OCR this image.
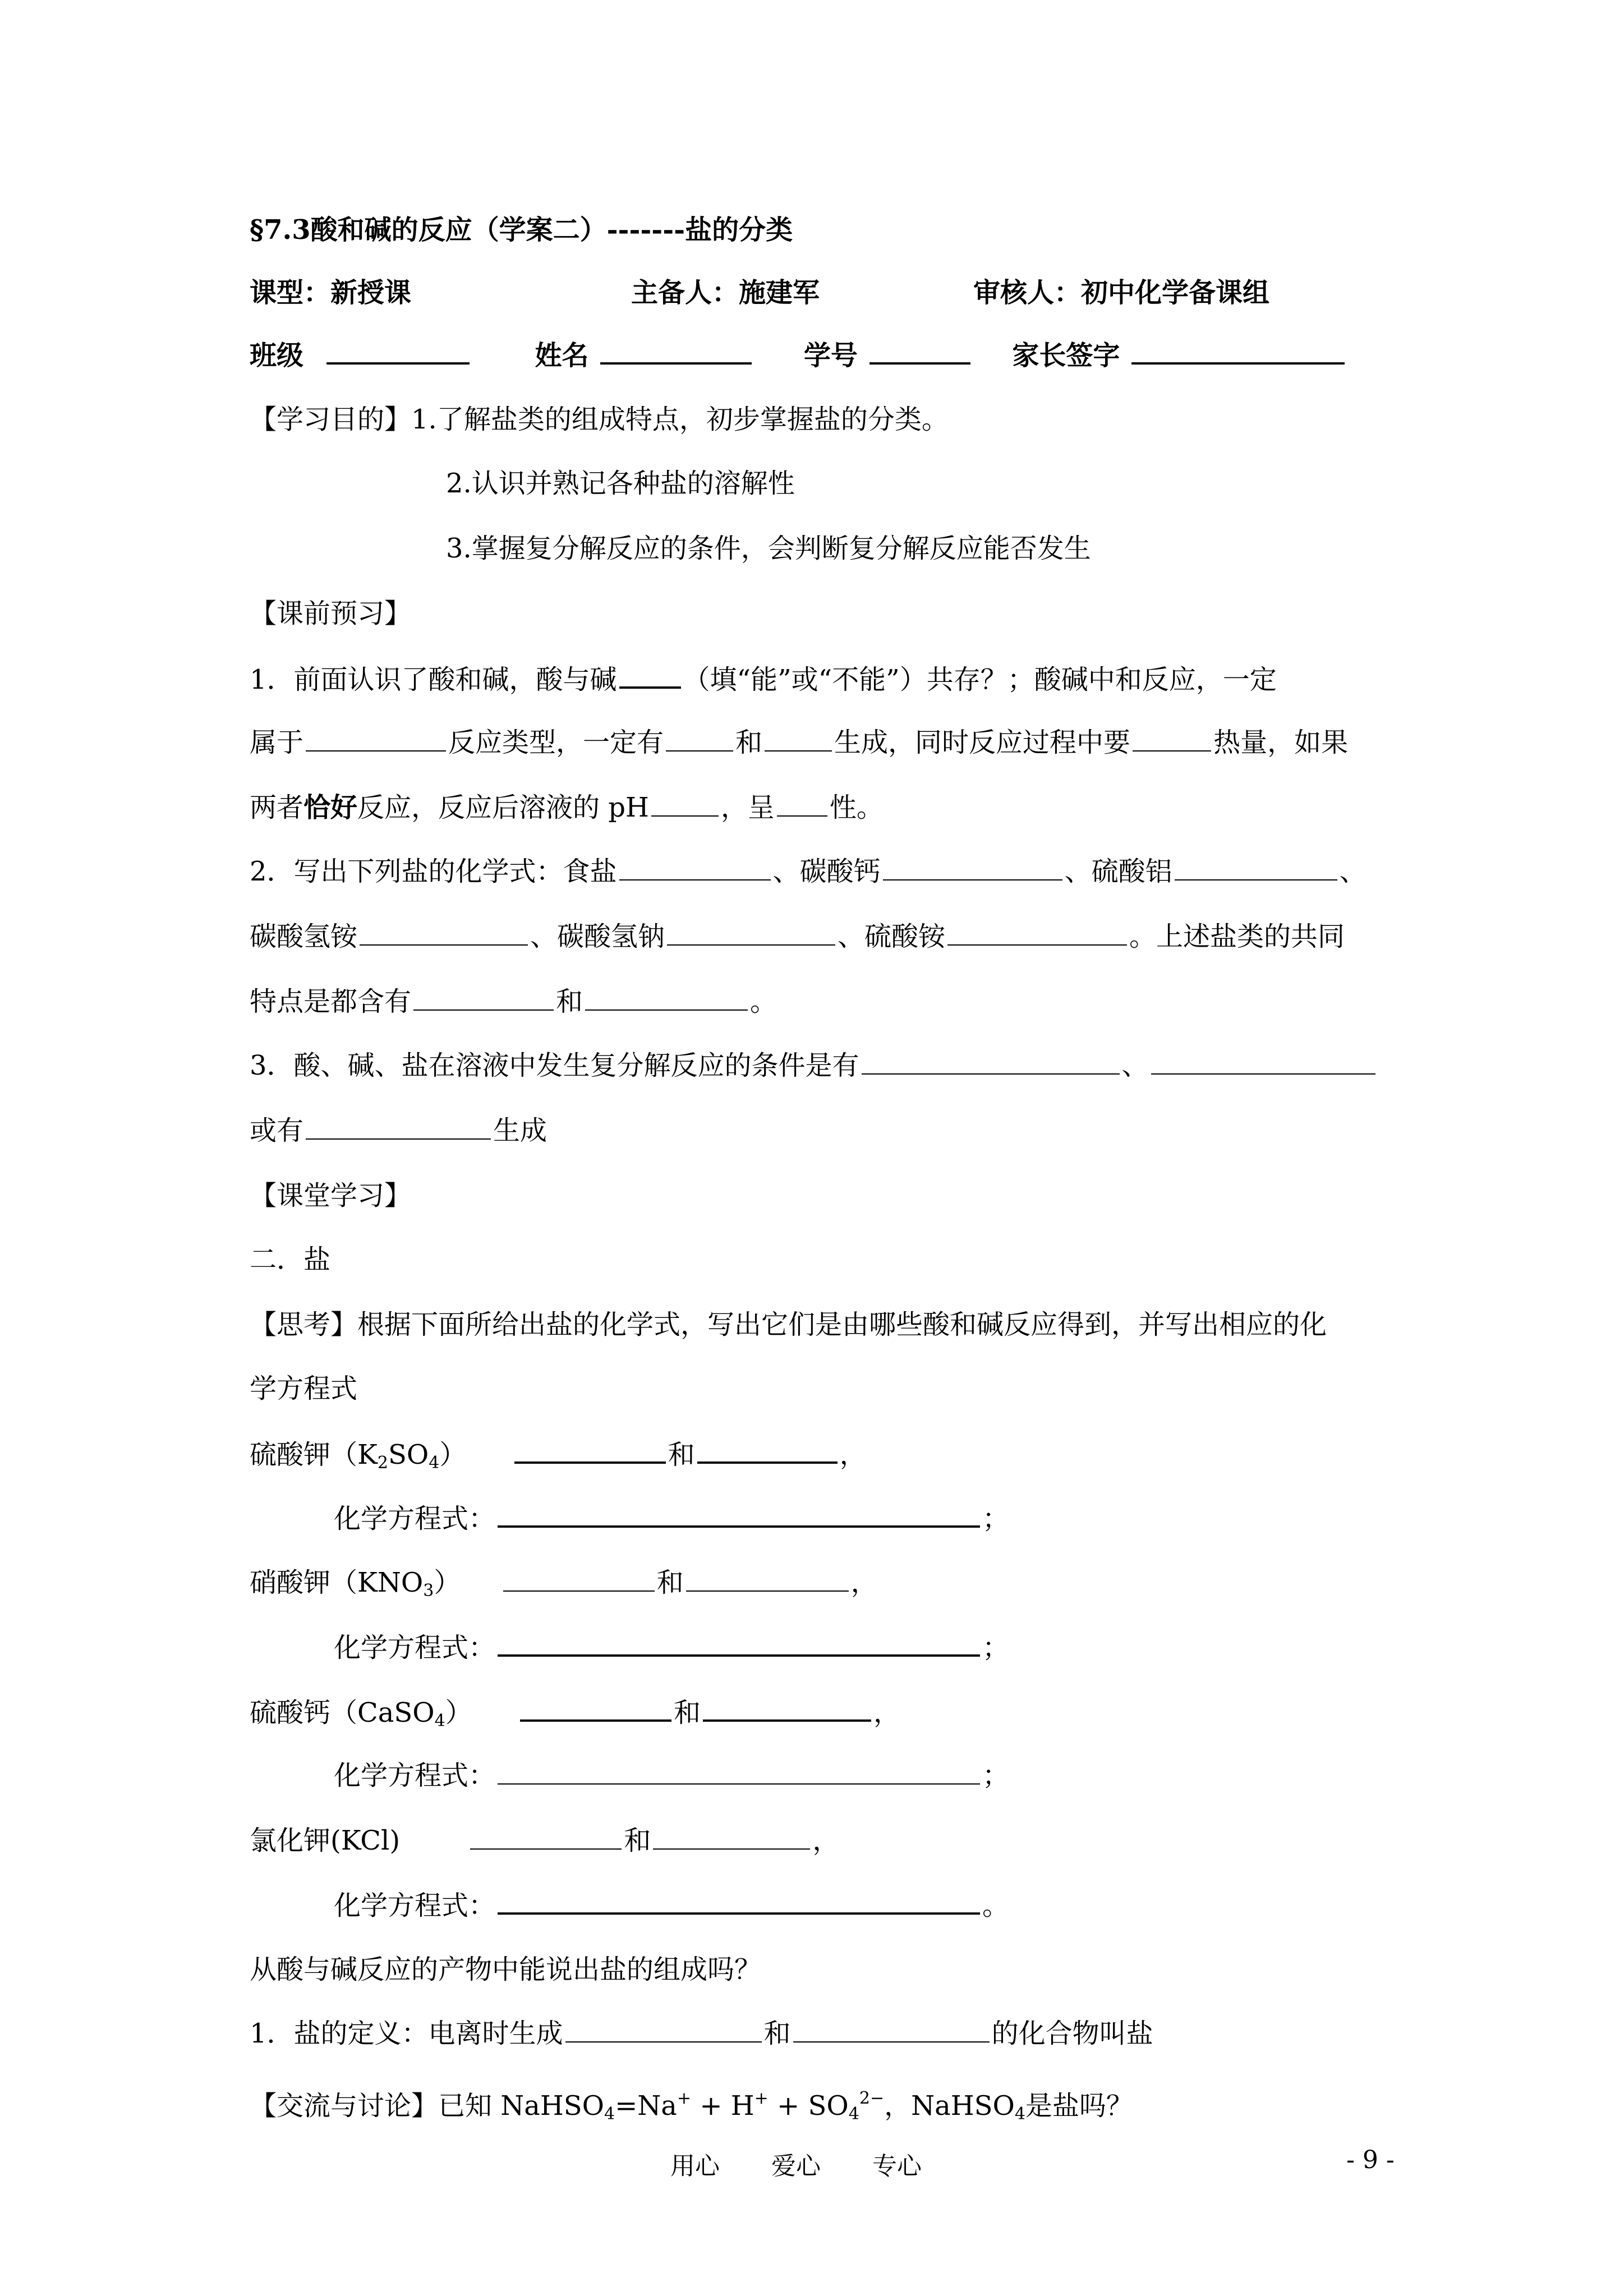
§7.3酸和碱的反应（学案二）-------盐的分类
课型：新授课	主备人：施建军	审核人：初中化学备课组
班级	姓名	学号	家长签字
【学习目的】1.了解盐类的组成特点，初步掌握盐的分类。
2.认识并熟记各种盐的溶解性
3.掌握复分解反应的条件，会判断复分解反应能否发生
【课前预习】
1．前面认识了酸和碱，酸与碱 （填“能”或“不能”）共存？；酸碱中和反应，一定
属于	反应类型，一定有	和	生成，同时反应过程中要	热量，如果
两者恰好反应，反应后溶液的 pH	，呈 性。
2．写出下列盐的化学式：食盐	、碳酸钙	、硫酸铝	、
碳酸氢铵	、碳酸氢钠	、硫酸铵	。上述盐类的共同
特点是都含有	和	。
3．酸、碱、盐在溶液中发生复分解反应的条件是有	、
或有	生成
【课堂学习】
二．盐
【思考】根据下面所给出盐的化学式，写出它们是由哪些酸和碱反应得到，并写出相应的化
学方程式
硫酸钾$(K_2SO_4)$	和	，
化学方程式：	；
硝酸钾$(KNO_3)$	和	，
化学方程式：	；
硫酸钙（CaSO$_4$）	和	，
化学方程式：	；
氯化钾(KCl)	和	，
化学方程式：	。
从酸与碱反应的产物中能说出盐的组成吗？
1．盐的定义：电离时生成	和	的化合物叫盐
【交流与讨论】已知 NaHSO$_4$=Na+ + $H^+ + SO_4^{2-}$，NaHSO$_4$是盐吗？
用心 爱心 专心	- 9 -
